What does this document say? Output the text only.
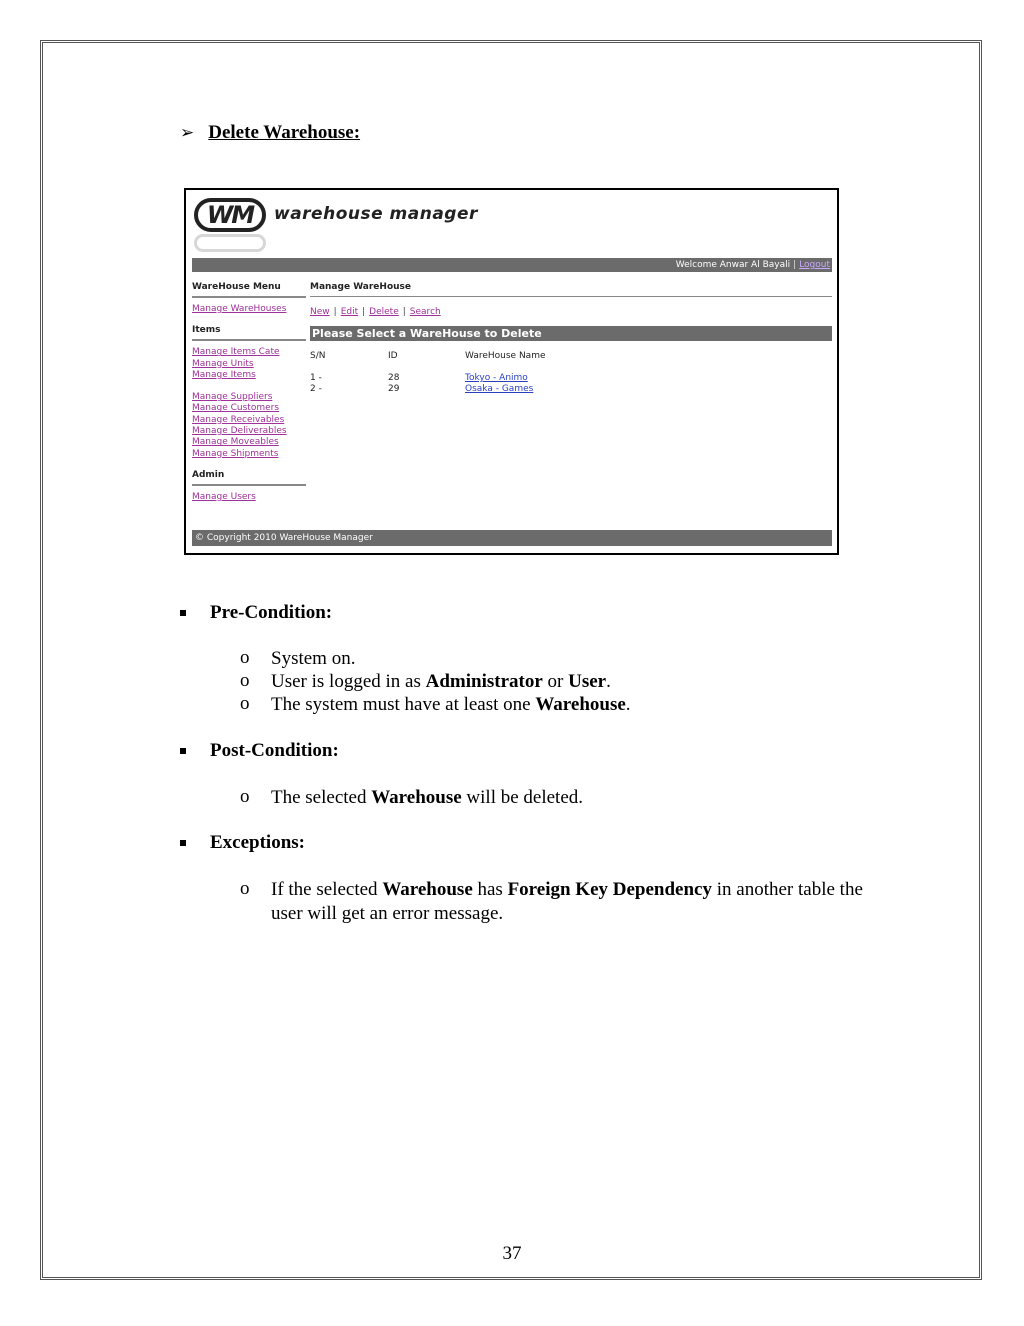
➢ Delete Warehouse:
WM	warehouse manager
Welcome Anwar Al Bayali | Logout
WareHouse Menu
Manage WareHouses
Items
Manage Items Cate
Manage Units
Manage Items
Manage Suppliers
Manage Customers
Manage Receivables
Manage Deliverables
Manage Moveables
Manage Shipments
Admin
Manage Users
Manage WareHouse
New | Edit | Delete | Search
Please Select a WareHouse to Delete
S/N	ID	WareHouse Name
1 -	28	Tokyo - Animo
2 -	29	Osaka - Games
© Copyright 2010 WareHouse Manager
Pre-Condition:
o	System on.
o	User is logged in as Administrator or User.
o	The system must have at least one Warehouse.
Post-Condition:
o	The selected Warehouse will be deleted.
Exceptions:
o	If the selected Warehouse has Foreign Key Dependency in another table the user will get an error message.
37
